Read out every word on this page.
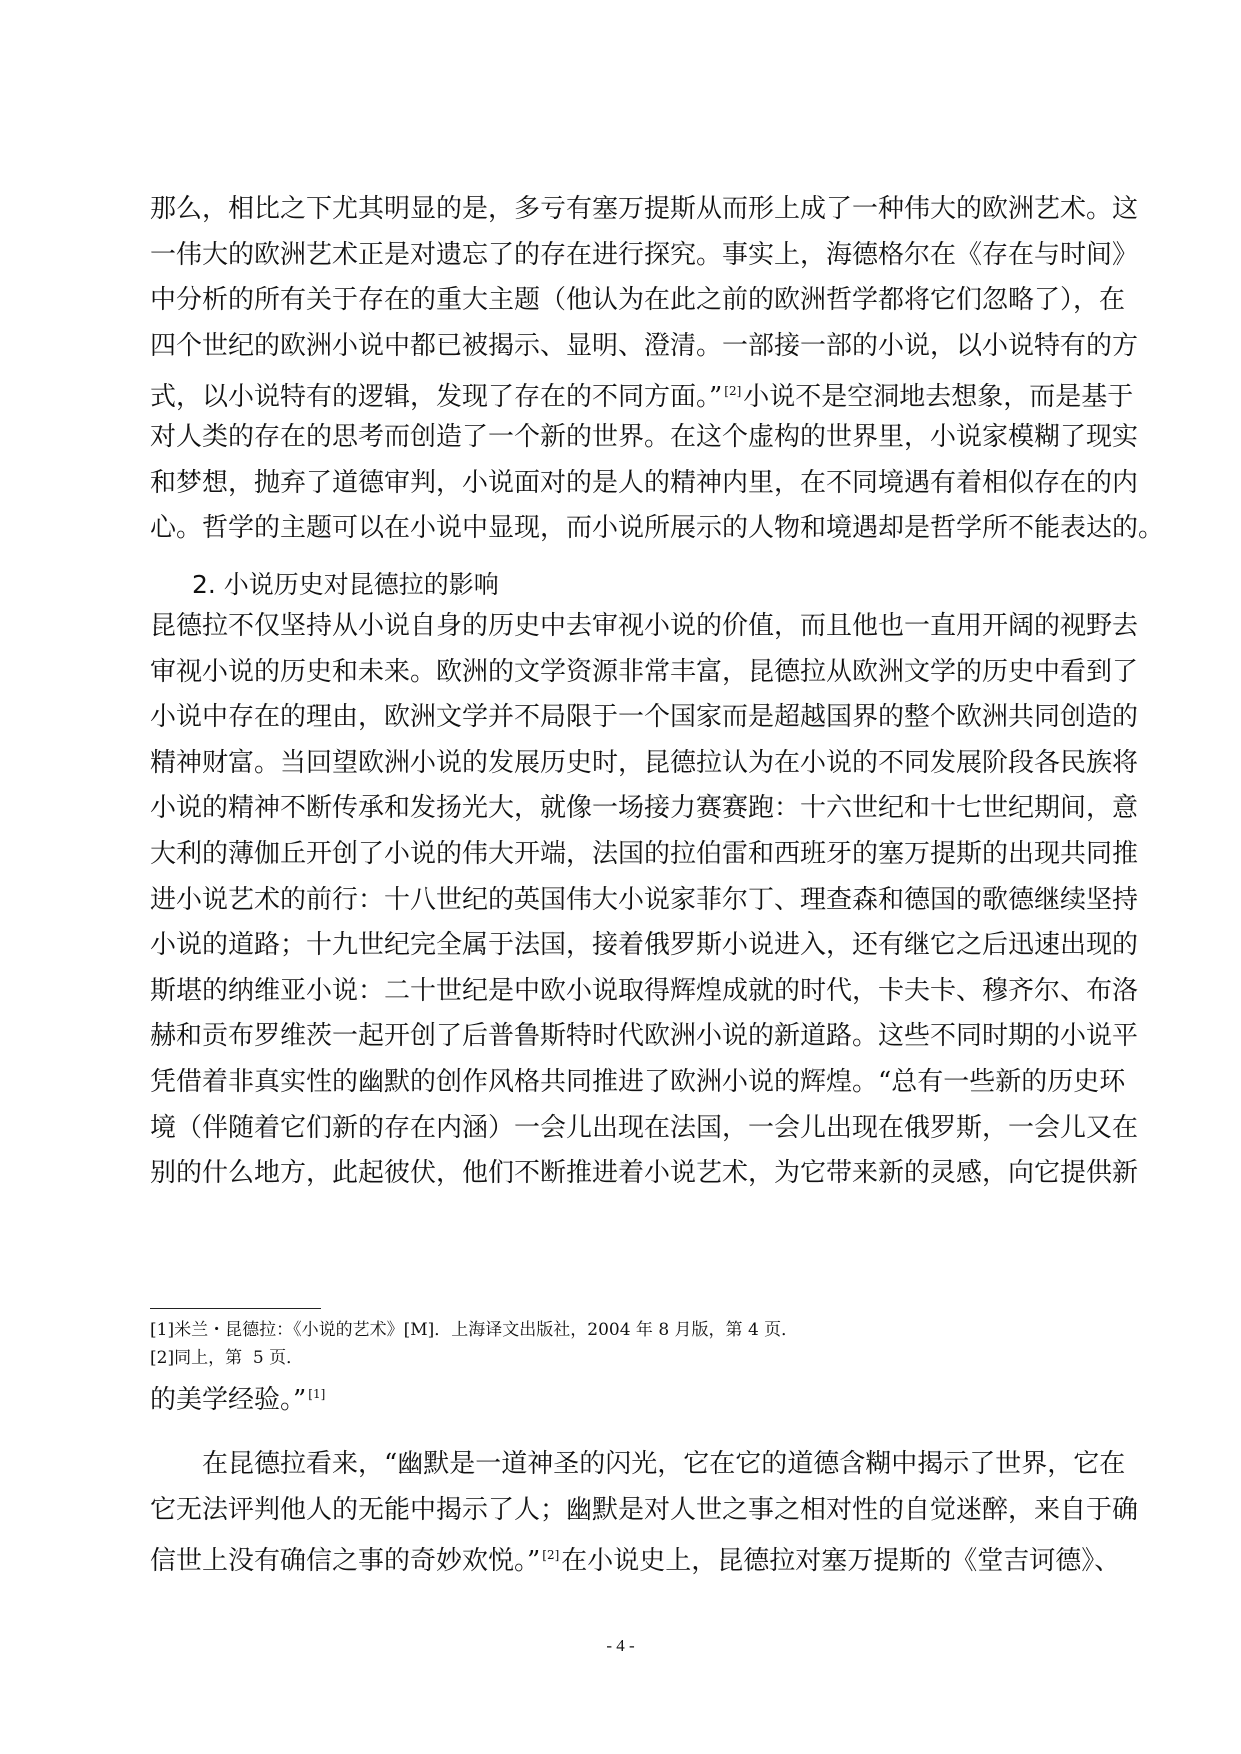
那么，相比之下尤其明显的是，多亏有塞万提斯从而形上成了一种伟大的欧洲艺术。这
一伟大的欧洲艺术正是对遗忘了的存在进行探究。事实上，海德格尔在《存在与时间》
中分析的所有关于存在的重大主题（他认为在此之前的欧洲哲学都将它们忽略了），在
四个世纪的欧洲小说中都已被揭示、显明、澄清。一部接一部的小说，以小说特有的方
式，以小说特有的逻辑，发现了存在的不同方面。” [2]小说不是空洞地去想象，而是基于
对人类的存在的思考而创造了一个新的世界。在这个虚构的世界里，小说家模糊了现实
和梦想，抛弃了道德审判，小说面对的是人的精神内里，在不同境遇有着相似存在的内
心。哲学的主题可以在小说中显现，而小说所展示的人物和境遇却是哲学所不能表达的。
2. 小说历史对昆德拉的影响
昆德拉不仅坚持从小说自身的历史中去审视小说的价值，而且他也一直用开阔的视野去
审视小说的历史和未来。欧洲的文学资源非常丰富，昆德拉从欧洲文学的历史中看到了
小说中存在的理由，欧洲文学并不局限于一个国家而是超越国界的整个欧洲共同创造的
精神财富。当回望欧洲小说的发展历史时，昆德拉认为在小说的不同发展阶段各民族将
小说的精神不断传承和发扬光大，就像一场接力赛赛跑：十六世纪和十七世纪期间，意
大利的薄伽丘开创了小说的伟大开端，法国的拉伯雷和西班牙的塞万提斯的出现共同推
进小说艺术的前行：十八世纪的英国伟大小说家菲尔丁、理查森和德国的歌德继续坚持
小说的道路；十九世纪完全属于法国，接着俄罗斯小说进入，还有继它之后迅速出现的
斯堪的纳维亚小说：二十世纪是中欧小说取得辉煌成就的时代，卡夫卡、穆齐尔、布洛
赫和贡布罗维茨一起开创了后普鲁斯特时代欧洲小说的新道路。这些不同时期的小说平
凭借着非真实性的幽默的创作风格共同推进了欧洲小说的辉煌。“总有一些新的历史环
境（伴随着它们新的存在内涵）一会儿出现在法国，一会儿出现在俄罗斯，一会儿又在
别的什么地方，此起彼伏，他们不断推进着小说艺术，为它带来新的灵感，向它提供新
[1]米兰・昆德拉：《小说的艺术》[M]．上海译文出版社，2004 年 8 月版，第 4 页．
[2]同上，第  5 页．
的美学经验。” [1]
在昆德拉看来，“幽默是一道神圣的闪光，它在它的道德含糊中揭示了世界，它在
它无法评判他人的无能中揭示了人；幽默是对人世之事之相对性的自觉迷醉，来自于确
信世上没有确信之事的奇妙欢悦。” [2]在小说史上，昆德拉对塞万提斯的《堂吉诃德》、
- 4 -
